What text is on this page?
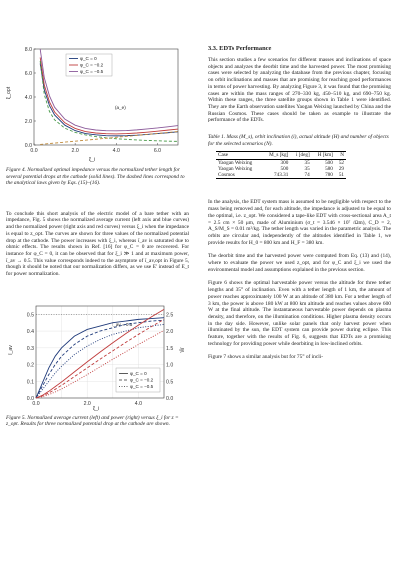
ξ_opt
ξ_i
(a_e)
0.0	2.0	4.0	6.0
0.0
2.0
4.0
6.0
8.0
φ_C = 0
φ_C = −0.2
φ_C = −0.5

Figure 4. Normalized optimal impedance versus the normalized tether length for several potential drops at the cathode (solid lines). The dashed lines correspond to the analytical laws given by Eqs. (15)–(16).

To conclude this short analysis of the electric model of a bare tether with an impedance, Fig. 5 shows the normalized average current (left axis and blue curves) and the normalized power (right axis and red curves) versus ξ_i when the impedance is equal to z_opt. The curves are shown for three values of the normalized potential drop at the cathode. The power increases with ξ_i, whereas ī_av is saturated due to ohmic effects. The results shown in Ref. [16] for φ_C = 0 are recovered. For instance for φ_C = 0, it can be observed that for ξ_i ≫ 1 and at maximum power, ī_av → 0.5. This value corresponds indeed to the asymptote of ī_av,opt in Figure 5, though it should be noted that our normalization differs, as we use E' instead of E_t for power normalization.

ī_av	W̄
ξ_i
ī_av = 0.5
0.0	2.0	4.0
0.0
0.1
0.2
0.3
0.4
0.5
0.0
0.5
1.0
1.5
2.0
2.5
φ_C = 0
φ_C = −0.2
φ_C = −0.5

Figure 5. Normalized average current (left) and power (right) versus ξ_i for z = z_opt. Results for three normalized potential drop at the cathode are shown.

3.3. EDTs Performance

This section studies a few scenarios for different masses and inclinations of space objects and analyzes the deorbit time and the harvested power. The most promising cases were selected by analyzing the database from the previous chapter, focusing on orbit inclinations and masses that are promising for reaching good performances in terms of power harvesting. By analyzing Figure 3, it was found that the promising cases are within the mass ranges of 270–330 kg, 450–510 kg, and 690–750 kg. Within these ranges, the three satellite groups shown in Table 1 were identified. They are the Earth observation satellites Yaogan Weixing launched by China and the Russian Cosmos. These cases should be taken as example to illustrate the performance of the EDTs.

Table 1. Mass (M_s), orbit inclination (i), actual altitude (H) and number of objects for the selected scenarios (N).

Case	M_s [kg]	i [deg]	H [km]	N
Yaogan Weixing	300	35	500	52
Yaogan Weixing	500	35	580	29
Cosmos	743.31	74	780	51

In the analysis, the EDT system mass is assumed to be negligible with respect to the mass being removed and, for each altitude, the impedance is adjusted to be equal to the optimal, i.e. z_opt. We considered a tape-like EDT with cross-sectional area A_t = 2.5 cm × 50 μm, made of Aluminium (σ_t = 3.546 × 10⁷ /Ωm), C_D = 2, A_S/M_S = 0.01 m²/kg. The tether length was varied in the parametric analysis. The orbits are circular and, independently of the altitudes identified in Table 1, we provide results for H_0 = 800 km and H_F = 380 km.

The deorbit time and the harvested power were computed from Eq. (13) and (14), where to evaluate the power we used z_opt, and for φ_C and ξ_i we used the environmental model and assumptions explained in the previous section.

Figure 6 shows the optimal harvestable power versus the altitude for three tether lengths and 35° of inclination. Even with a tether length of 1 km, the amount of power reaches approximately 100 W at an altitude of 380 km. For a tether length of 3 km, the power is above 180 kW at 800 km altitude and reaches values above 600 W at the final altitude. The instantaneous harvestable power depends on plasma density, and therefore, on the illumination conditions. Higher plasma density occurs in the day side. However, unlike solar panels that only harvest power when illuminated by the sun, the EDT system can provide power during eclipse. This feature, together with the results of Fig. 6, suggests that EDTs are a promising technology for providing power while deorbiting in low-inclined orbits.

Figure 7 shows a similar analysis but for 75° of incli-
